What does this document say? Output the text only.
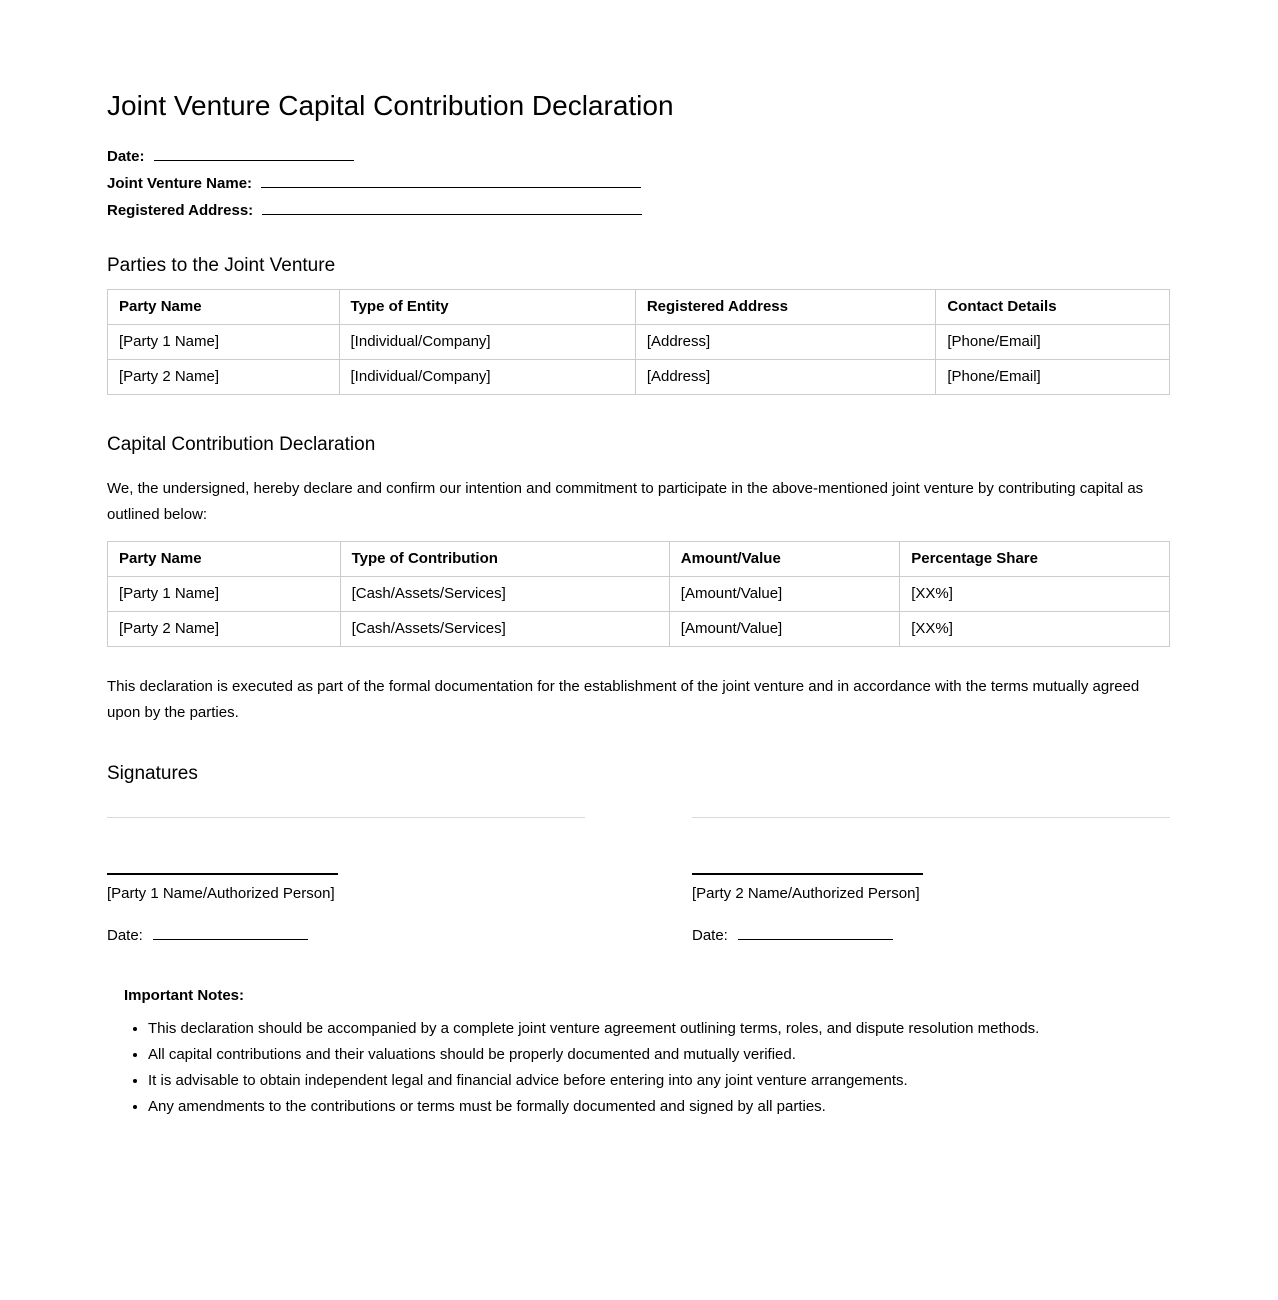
Joint Venture Capital Contribution Declaration
Date:
Joint Venture Name:
Registered Address:
Parties to the Joint Venture
Party Name	Type of Entity	Registered Address	Contact Details
[Party 1 Name]	[Individual/Company]	[Address]	[Phone/Email]
[Party 2 Name]	[Individual/Company]	[Address]	[Phone/Email]
Capital Contribution Declaration

We, the undersigned, hereby declare and confirm our intention and commitment to participate in the above-mentioned joint venture by contributing capital as outlined below:

Party Name	Type of Contribution	Amount/Value	Percentage Share
[Party 1 Name]	[Cash/Assets/Services]	[Amount/Value]	[XX%]
[Party 2 Name]	[Cash/Assets/Services]	[Amount/Value]	[XX%]

This declaration is executed as part of the formal documentation for the establishment of the joint venture and in accordance with the terms mutually agreed upon by the parties.

Signatures
[Party 1 Name/Authorized Person]
Date:
[Party 2 Name/Authorized Person]
Date:

Important Notes:

• This declaration should be accompanied by a complete joint venture agreement outlining terms, roles, and dispute resolution methods.
• All capital contributions and their valuations should be properly documented and mutually verified.
• It is advisable to obtain independent legal and financial advice before entering into any joint venture arrangements.
• Any amendments to the contributions or terms must be formally documented and signed by all parties.
